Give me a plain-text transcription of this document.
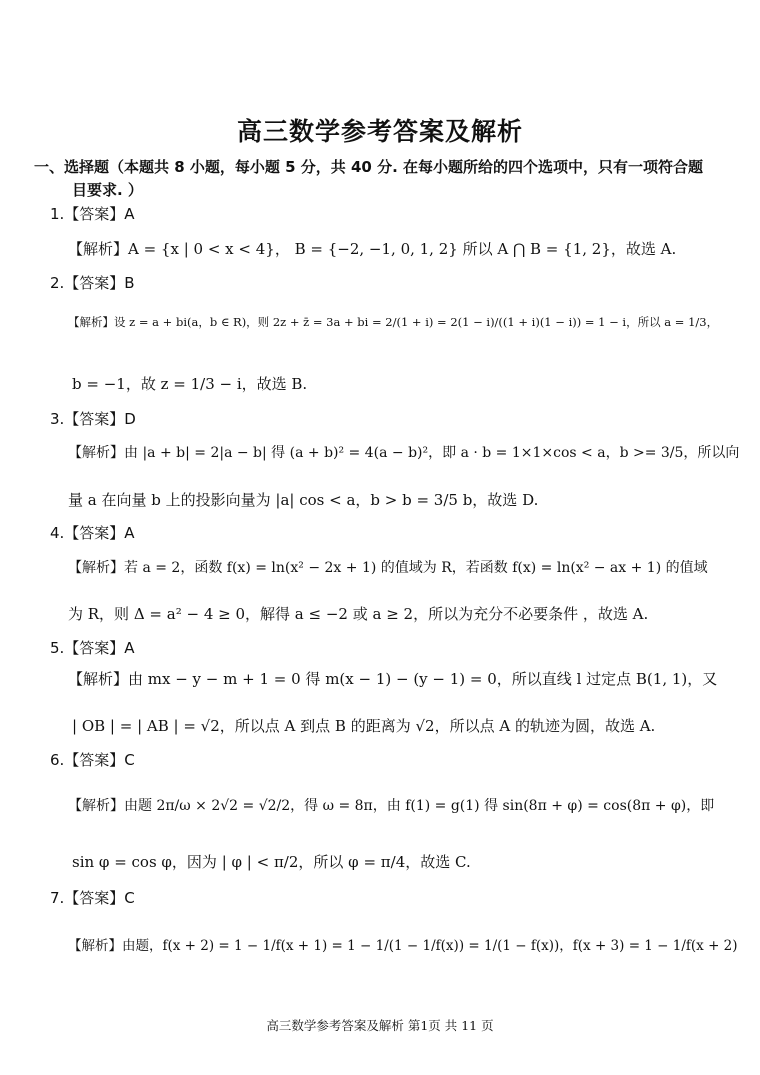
高三数学参考答案及解析
一、选择题（本题共 8 小题，每小题 5 分，共 40 分. 在每小题所给的四个选项中，只有一项符合题
目要求. ）
1.【答案】A
【解析】A = {x | 0 < x < 4}， B = {−2, −1, 0, 1, 2} 所以 A ⋂ B = {1, 2}，故选 A.
2.【答案】B
【解析】设 z = a + bi(a，b ∈ R)，则 2z + z̄ = 3a + bi = 2/(1 + i) = 2(1 − i)/((1 + i)(1 − i)) = 1 − i，所以 a = 1/3，
b = −1，故 z = 1/3 − i，故选 B.
3.【答案】D
【解析】由 |a + b| = 2|a − b| 得 (a + b)² = 4(a − b)²，即 a · b = 1×1×cos < a，b >= 3/5，所以向
量 a 在向量 b 上的投影向量为 |a| cos < a，b > b = 3/5 b，故选 D.
4.【答案】A
【解析】若 a = 2，函数 f(x) = ln(x² − 2x + 1) 的值域为 R，若函数 f(x) = ln(x² − ax + 1) 的值域
为 R，则 Δ = a² − 4 ≥ 0，解得 a ≤ −2 或 a ≥ 2，所以为充分不必要条件 ，故选 A.
5.【答案】A
【解析】由 mx − y − m + 1 = 0 得 m(x − 1) − (y − 1) = 0，所以直线 l 过定点 B(1, 1)，又
| OB | = | AB | = √2，所以点 A 到点 B 的距离为 √2，所以点 A 的轨迹为圆，故选 A.
6.【答案】C
【解析】由题 2π/ω × 2√2 = √2/2，得 ω = 8π，由 f(1) = g(1) 得 sin(8π + φ) = cos(8π + φ)，即
sin φ = cos φ，因为 | φ | < π/2，所以 φ = π/4，故选 C.
7.【答案】C
【解析】由题，f(x + 2) = 1 − 1/f(x + 1) = 1 − 1/(1 − 1/f(x)) = 1/(1 − f(x))，f(x + 3) = 1 − 1/f(x + 2)
高三数学参考答案及解析 第1页 共 11 页
